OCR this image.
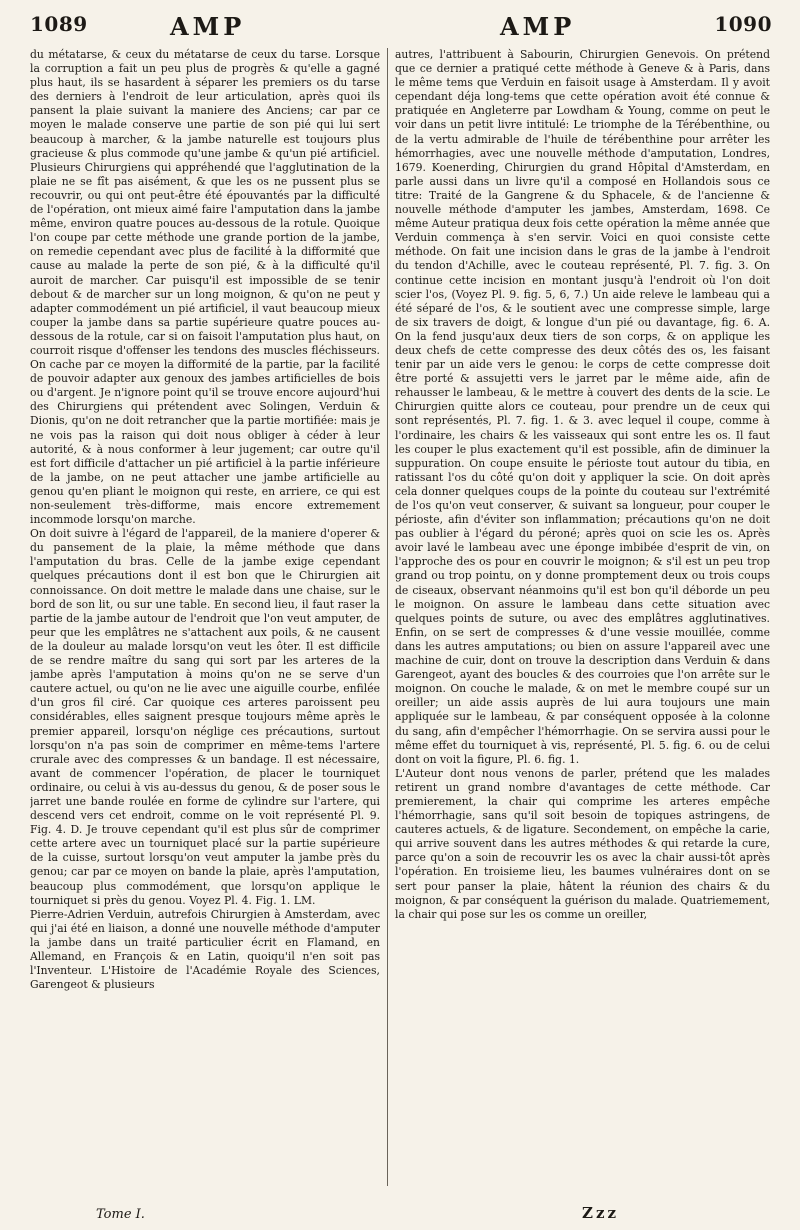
1089	AMP	AMP	1090

du métatarse, & ceux du métatarse de ceux du tarse. Lorsque la corruption a fait un peu plus de progrès & qu'elle a gagné plus haut, ils se hasardent à séparer les premiers os du tarse des derniers à l'endroit de leur articulation, après quoi ils pansent la plaie suivant la maniere des Anciens; car par ce moyen le malade conserve une partie de son pié qui lui sert beaucoup à marcher, & la jambe naturelle est toujours plus gracieuse & plus commode qu'une jambe & qu'un pié artificiel. Plusieurs Chirurgiens qui appréhendé que l'agglutination de la plaie ne se fît pas aisément, & que les os ne pussent plus se recouvrir, ou qui ont peut-être été épouvantés par la difficulté de l'opération, ont mieux aimé faire l'amputation dans la jambe même, environ quatre pouces au-dessous de la rotule. Quoique l'on coupe par cette méthode une grande portion de la jambe, on remedie cependant avec plus de facilité à la difformité que cause au malade la perte de son pié, & à la difficulté qu'il auroit de marcher. Car puisqu'il est impossible de se tenir debout & de marcher sur un long moignon, & qu'on ne peut y adapter commodément un pié artificiel, il vaut beaucoup mieux couper la jambe dans sa partie supérieure quatre pouces au-dessous de la rotule, car si on faisoit l'amputation plus haut, on courroit risque d'offenser les tendons des muscles fléchisseurs. On cache par ce moyen la difformité de la partie, par la facilité de pouvoir adapter aux genoux des jambes artificielles de bois ou d'argent. Je n'ignore point qu'il se trouve encore aujourd'hui des Chirurgiens qui prétendent avec Solingen, Verduin & Dionis, qu'on ne doit retrancher que la partie mortifiée: mais je ne vois pas la raison qui doit nous obliger à céder à leur autorité, & à nous conformer à leur jugement; car outre qu'il est fort difficile d'attacher un pié artificiel à la partie inférieure de la jambe, on ne peut attacher une jambe artificielle au genou qu'en pliant le moignon qui reste, en arriere, ce qui est non-seulement très-difforme, mais encore extremement incommode lorsqu'on marche.

On doit suivre à l'égard de l'appareil, de la maniere d'operer & du pansement de la plaie, la même méthode que dans l'amputation du bras. Celle de la jambe exige cependant quelques précautions dont il est bon que le Chirurgien ait connoissance. On doit mettre le malade dans une chaise, sur le bord de son lit, ou sur une table. En second lieu, il faut raser la partie de la jambe autour de l'endroit que l'on veut amputer, de peur que les emplâtres ne s'attachent aux poils, & ne causent de la douleur au malade lorsqu'on veut les ôter. Il est difficile de se rendre maître du sang qui sort par les arteres de la jambe après l'amputation à moins qu'on ne se serve d'un cautere actuel, ou qu'on ne lie avec une aiguille courbe, enfilée d'un gros fil ciré. Car quoique ces arteres paroissent peu considérables, elles saignent presque toujours même après le premier appareil, lorsqu'on néglige ces précautions, surtout lorsqu'on n'a pas soin de comprimer en même-tems l'artere crurale avec des compresses & un bandage. Il est nécessaire, avant de commencer l'opération, de placer le tourniquet ordinaire, ou celui à vis au-dessus du genou, & de poser sous le jarret une bande roulée en forme de cylindre sur l'artere, qui descend vers cet endroit, comme on le voit représenté Pl. 9. Fig. 4. D. Je trouve cependant qu'il est plus sûr de comprimer cette artere avec un tourniquet placé sur la partie supérieure de la cuisse, surtout lorsqu'on veut amputer la jambe près du genou; car par ce moyen on bande la plaie, après l'amputation, beaucoup plus commodément, que lorsqu'on applique le tourniquet si près du genou. Voyez Pl. 4. Fig. 1. LM.

Pierre-Adrien Verduin, autrefois Chirurgien à Amsterdam, avec qui j'ai été en liaison, a donné une nouvelle méthode d'amputer la jambe dans un traité particulier écrit en Flamand, en Allemand, en François & en Latin, quoiqu'il n'en soit pas l'Inventeur. L'Histoire de l'Académie Royale des Sciences, Garengeot & plusieurs

autres, l'attribuent à Sabourin, Chirurgien Genevois. On prétend que ce dernier a pratiqué cette méthode à Geneve & à Paris, dans le même tems que Verduin en faisoit usage à Amsterdam. Il y avoit cependant déja long-tems que cette opération avoit été connue & pratiquée en Angleterre par Lowdham & Young, comme on peut le voir dans un petit livre intitulé: Le triomphe de la Térébenthine, ou de la vertu admirable de l'huile de térébenthine pour arrêter les hémorrhagies, avec une nouvelle méthode d'amputation, Londres, 1679. Koenerding, Chirurgien du grand Hôpital d'Amsterdam, en parle aussi dans un livre qu'il a composé en Hollandois sous ce titre: Traité de la Gangrene & du Sphacele, & de l'ancienne & nouvelle méthode d'amputer les jambes, Amsterdam, 1698. Ce même Auteur pratiqua deux fois cette opération la même année que Verduin commença à s'en servir. Voici en quoi consiste cette méthode. On fait une incision dans le gras de la jambe à l'endroit du tendon d'Achille, avec le couteau représenté, Pl. 7. fig. 3. On continue cette incision en montant jusqu'à l'endroit où l'on doit scier l'os, (Voyez Pl. 9. fig. 5, 6, 7.) Un aide releve le lambeau qui a été séparé de l'os, & le soutient avec une compresse simple, large de six travers de doigt, & longue d'un pié ou davantage, fig. 6. A. On la fend jusqu'aux deux tiers de son corps, & on applique les deux chefs de cette compresse des deux côtés des os, les faisant tenir par un aide vers le genou: le corps de cette compresse doit être porté & assujetti vers le jarret par le même aide, afin de rehausser le lambeau, & le mettre à couvert des dents de la scie. Le Chirurgien quitte alors ce couteau, pour prendre un de ceux qui sont représentés, Pl. 7. fig. 1. & 3. avec lequel il coupe, comme à l'ordinaire, les chairs & les vaisseaux qui sont entre les os. Il faut les couper le plus exactement qu'il est possible, afin de diminuer la suppuration. On coupe ensuite le périoste tout autour du tibia, en ratissant l'os du côté qu'on doit y appliquer la scie. On doit après cela donner quelques coups de la pointe du couteau sur l'extrémité de l'os qu'on veut conserver, & suivant sa longueur, pour couper le périoste, afin d'éviter son inflammation; précautions qu'on ne doit pas oublier à l'égard du péroné; après quoi on scie les os. Après avoir lavé le lambeau avec une éponge imbibée d'esprit de vin, on l'approche des os pour en couvrir le moignon; & s'il est un peu trop grand ou trop pointu, on y donne promptement deux ou trois coups de ciseaux, observant néanmoins qu'il est bon qu'il déborde un peu le moignon. On assure le lambeau dans cette situation avec quelques points de suture, ou avec des emplâtres agglutinatives. Enfin, on se sert de compresses & d'une vessie mouillée, comme dans les autres amputations; ou bien on assure l'appareil avec une machine de cuir, dont on trouve la description dans Verduin & dans Garengeot, ayant des boucles & des courroies que l'on arrête sur le moignon. On couche le malade, & on met le membre coupé sur un oreiller; un aide assis auprès de lui aura toujours une main appliquée sur le lambeau, & par conséquent opposée à la colonne du sang, afin d'empêcher l'hémorrhagie. On se servira aussi pour le même effet du tourniquet à vis, représenté, Pl. 5. fig. 6. ou de celui dont on voit la figure, Pl. 6. fig. 1.

L'Auteur dont nous venons de parler, prétend que les malades retirent un grand nombre d'avantages de cette méthode. Car premierement, la chair qui comprime les arteres empêche l'hémorrhagie, sans qu'il soit besoin de topiques astringens, de cauteres actuels, & de ligature. Secondement, on empêche la carie, qui arrive souvent dans les autres méthodes & qui retarde la cure, parce qu'on a soin de recouvrir les os avec la chair aussi-tôt après l'opération. En troisieme lieu, les baumes vulnéraires dont on se sert pour panser la plaie, hâtent la réunion des chairs & du moignon, & par conséquent la guérison du malade. Quatriemement, la chair qui pose sur les os comme un oreiller,

Tome I.	Zzz
